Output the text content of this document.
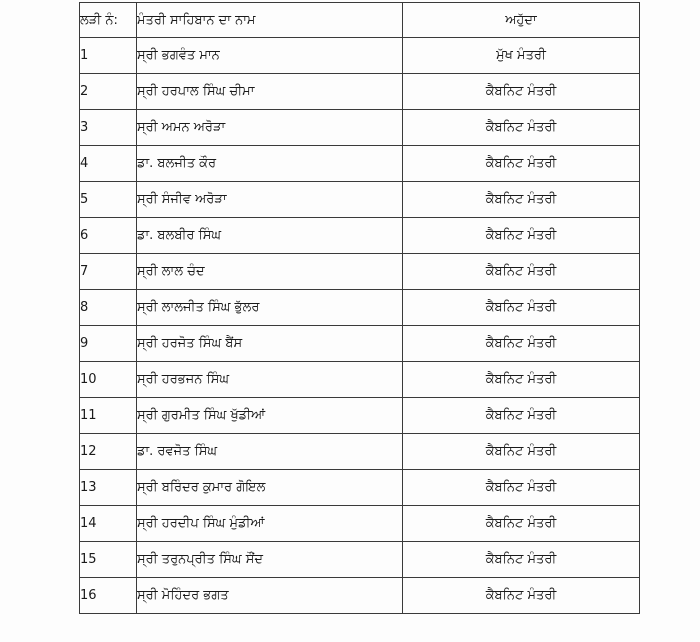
ਲੜੀ ਨੰ:	ਮੰਤਰੀ ਸਾਹਿਬਾਨ ਦਾ ਨਾਮ	ਅਹੁੱਦਾ
1	ਸ੍ਰੀ ਭਗਵੰਤ ਮਾਨ	ਮੁੱਖ ਮੰਤਰੀ
2	ਸ੍ਰੀ ਹਰਪਾਲ ਸਿੰਘ ਚੀਮਾ	ਕੈਬਨਿਟ ਮੰਤਰੀ
3	ਸ੍ਰੀ ਅਮਨ ਅਰੋੜਾ	ਕੈਬਨਿਟ ਮੰਤਰੀ
4	ਡਾ. ਬਲਜੀਤ ਕੌਰ	ਕੈਬਨਿਟ ਮੰਤਰੀ
5	ਸ੍ਰੀ ਸੰਜੀਵ ਅਰੋੜਾ	ਕੈਬਨਿਟ ਮੰਤਰੀ
6	ਡਾ. ਬਲਬੀਰ ਸਿੰਘ	ਕੈਬਨਿਟ ਮੰਤਰੀ
7	ਸ੍ਰੀ ਲਾਲ ਚੰਦ	ਕੈਬਨਿਟ ਮੰਤਰੀ
8	ਸ੍ਰੀ ਲਾਲਜੀਤ ਸਿੰਘ ਭੁੱਲਰ	ਕੈਬਨਿਟ ਮੰਤਰੀ
9	ਸ੍ਰੀ ਹਰਜੋਤ ਸਿੰਘ ਬੈਂਸ	ਕੈਬਨਿਟ ਮੰਤਰੀ
10	ਸ੍ਰੀ ਹਰਭਜਨ ਸਿੰਘ	ਕੈਬਨਿਟ ਮੰਤਰੀ
11	ਸ੍ਰੀ ਗੁਰਮੀਤ ਸਿੰਘ ਖੁੱਡੀਆਂ	ਕੈਬਨਿਟ ਮੰਤਰੀ
12	ਡਾ. ਰਵਜੋਤ ਸਿੰਘ	ਕੈਬਨਿਟ ਮੰਤਰੀ
13	ਸ੍ਰੀ ਬਰਿੰਦਰ ਕੁਮਾਰ ਗੋਇਲ	ਕੈਬਨਿਟ ਮੰਤਰੀ
14	ਸ੍ਰੀ ਹਰਦੀਪ ਸਿੰਘ ਮੁੰਡੀਆਂ	ਕੈਬਨਿਟ ਮੰਤਰੀ
15	ਸ੍ਰੀ ਤਰੁਨਪ੍ਰੀਤ ਸਿੰਘ ਸੌਂਦ	ਕੈਬਨਿਟ ਮੰਤਰੀ
16	ਸ੍ਰੀ ਮੋਹਿੰਦਰ ਭਗਤ	ਕੈਬਨਿਟ ਮੰਤਰੀ
